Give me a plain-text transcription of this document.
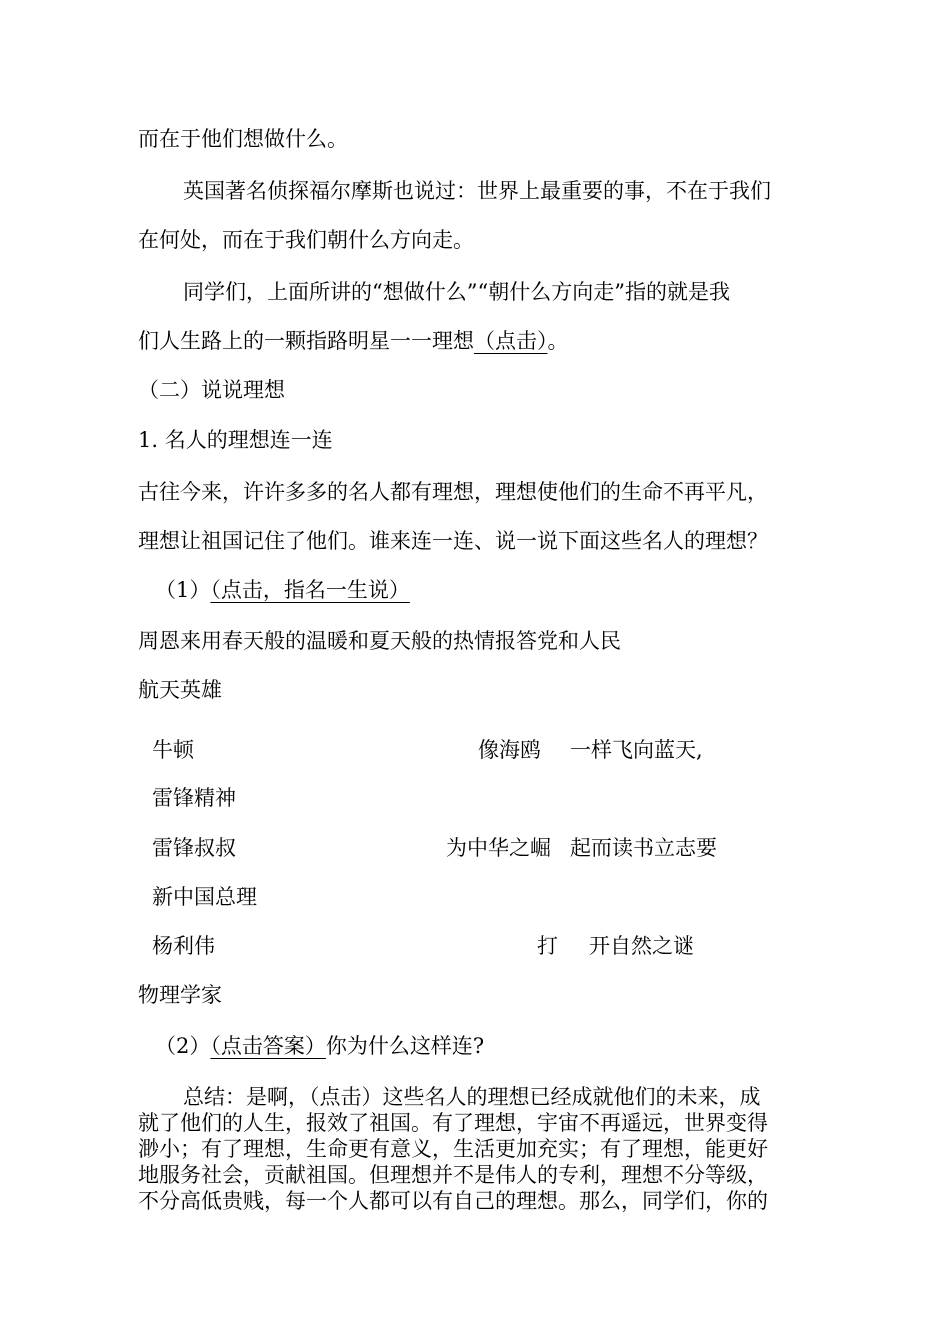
而在于他们想做什么。
英国著名侦探福尔摩斯也说过：世界上最重要的事，不在于我们
在何处，而在于我们朝什么方向走。
同学们，上面所讲的“想做什么”“朝什么方向走”指的就是我
们人生路上的一颗指路明星一一理想（点击）。
（二）说说理想
1. 名人的理想连一连
古往今来，许许多多的名人都有理想，理想使他们的生命不再平凡，
理想让祖国记住了他们。谁来连一连、说一说下面这些名人的理想？
（1）（点击，指名一生说）
周恩来用春天般的温暖和夏天般的热情报答党和人民
航天英雄
牛顿	像海鸥 一样飞向蓝天,
雷锋精神
雷锋叔叔	为中华之崛 起而读书立志要
新中国总理
杨利伟	打 开自然之谜
物理学家
（2）（点击答案）你为什么这样连?
总结：是啊，（点击）这些名人的理想已经成就他们的未来，成
就了他们的人生，报效了祖国。有了理想，宇宙不再遥远，世界变得
渺小；有了理想，生命更有意义，生活更加充实；有了理想，能更好
地服务社会，贡献祖国。但理想并不是伟人的专利，理想不分等级，
不分高低贵贱，每一个人都可以有自己的理想。那么，同学们，你的
